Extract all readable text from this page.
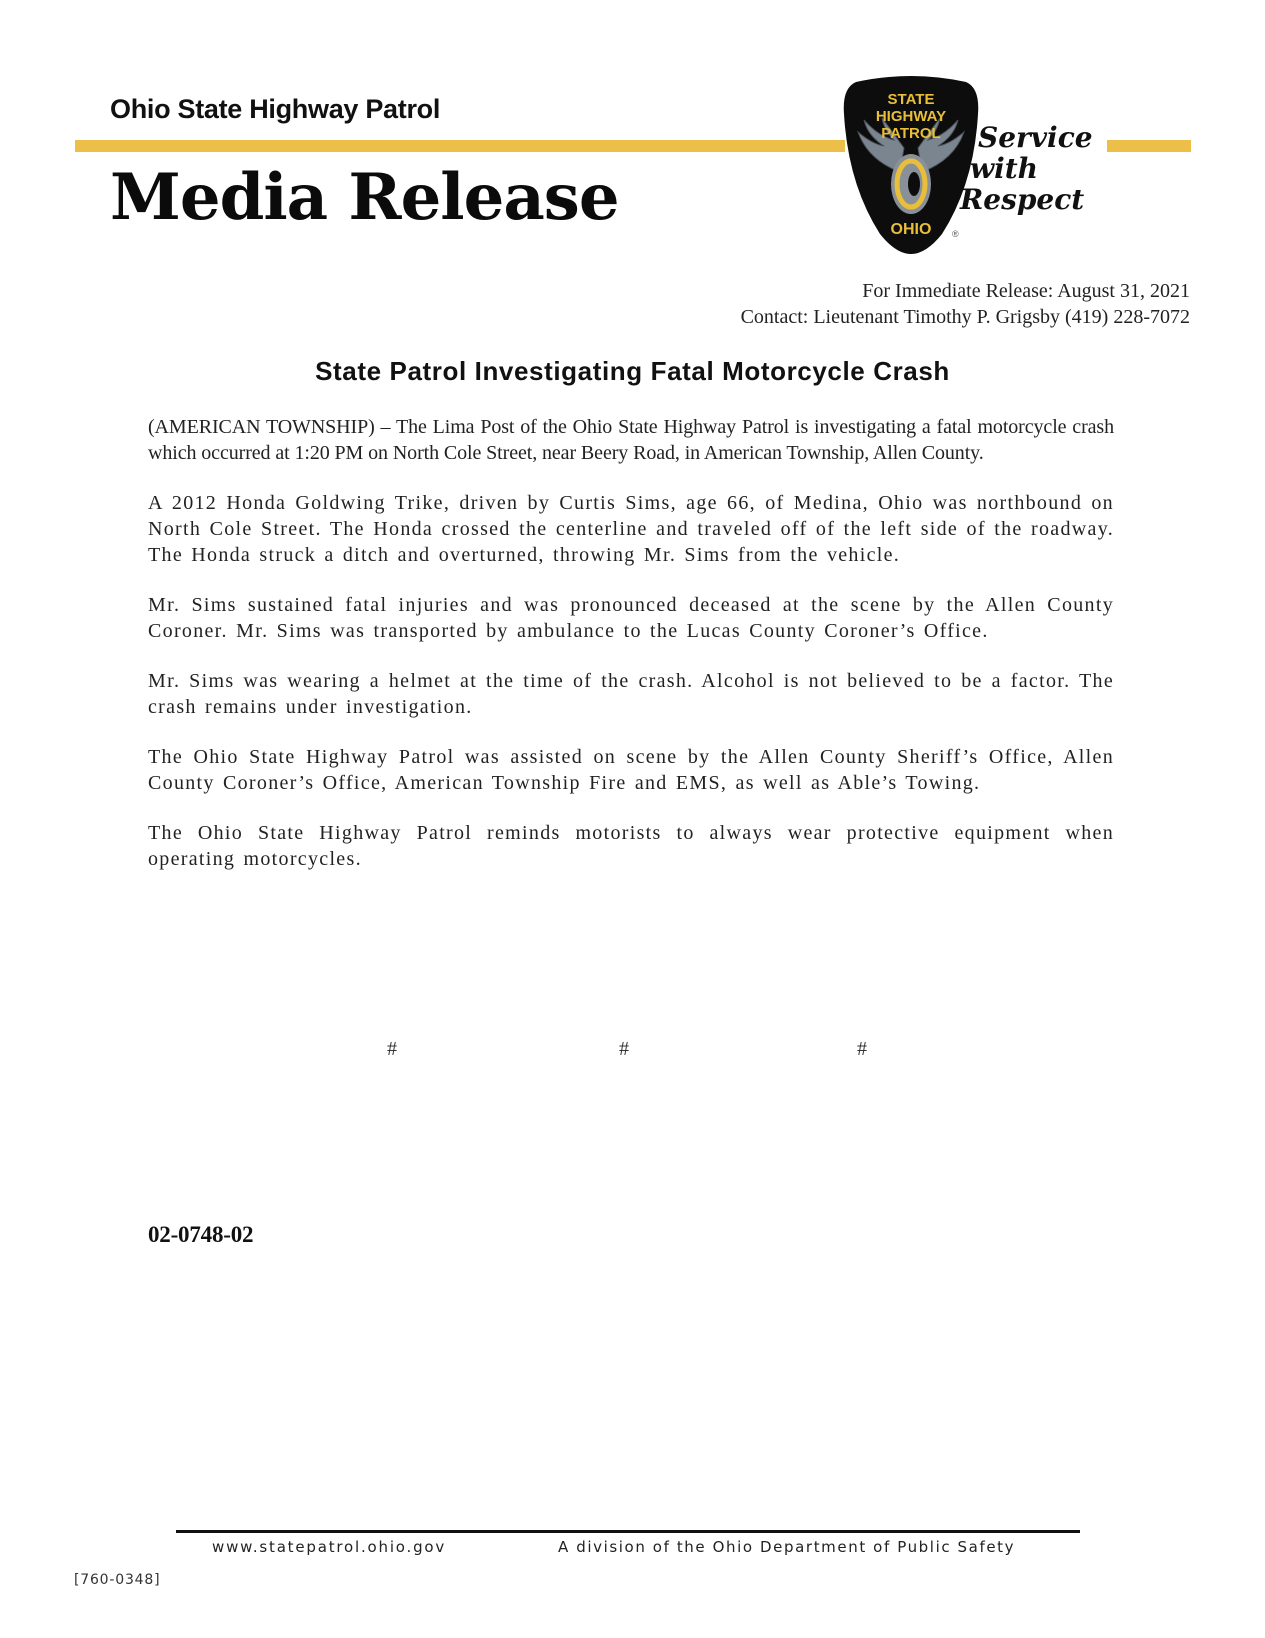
Ohio State Highway Patrol
Media Release
STATE
HIGHWAY
PATROL
OHIO ®
Service
with
Respect
For Immediate Release: August 31, 2021
Contact: Lieutenant Timothy P. Grigsby (419) 228-7072
State Patrol Investigating Fatal Motorcycle Crash

(AMERICAN TOWNSHIP) – The Lima Post of the Ohio State Highway Patrol is investigating a fatal motorcycle crash which occurred at 1:20 PM on North Cole Street, near Beery Road, in American Township, Allen County.

A 2012 Honda Goldwing Trike, driven by Curtis Sims, age 66, of Medina, Ohio was northbound on North Cole Street. The Honda crossed the centerline and traveled off of the left side of the roadway. The Honda struck a ditch and overturned, throwing Mr. Sims from the vehicle.

Mr. Sims sustained fatal injuries and was pronounced deceased at the scene by the Allen County Coroner. Mr. Sims was transported by ambulance to the Lucas County Coroner’s Office.

Mr. Sims was wearing a helmet at the time of the crash. Alcohol is not believed to be a factor. The crash remains under investigation.

The Ohio State Highway Patrol was assisted on scene by the Allen County Sheriff’s Office, Allen County Coroner’s Office, American Township Fire and EMS, as well as Able’s Towing.

The Ohio State Highway Patrol reminds motorists to always wear protective equipment when operating motorcycles.

#	#	#
02-0748-02
www.statepatrol.ohio.gov	A division of the Ohio Department of Public Safety
[760-0348]
